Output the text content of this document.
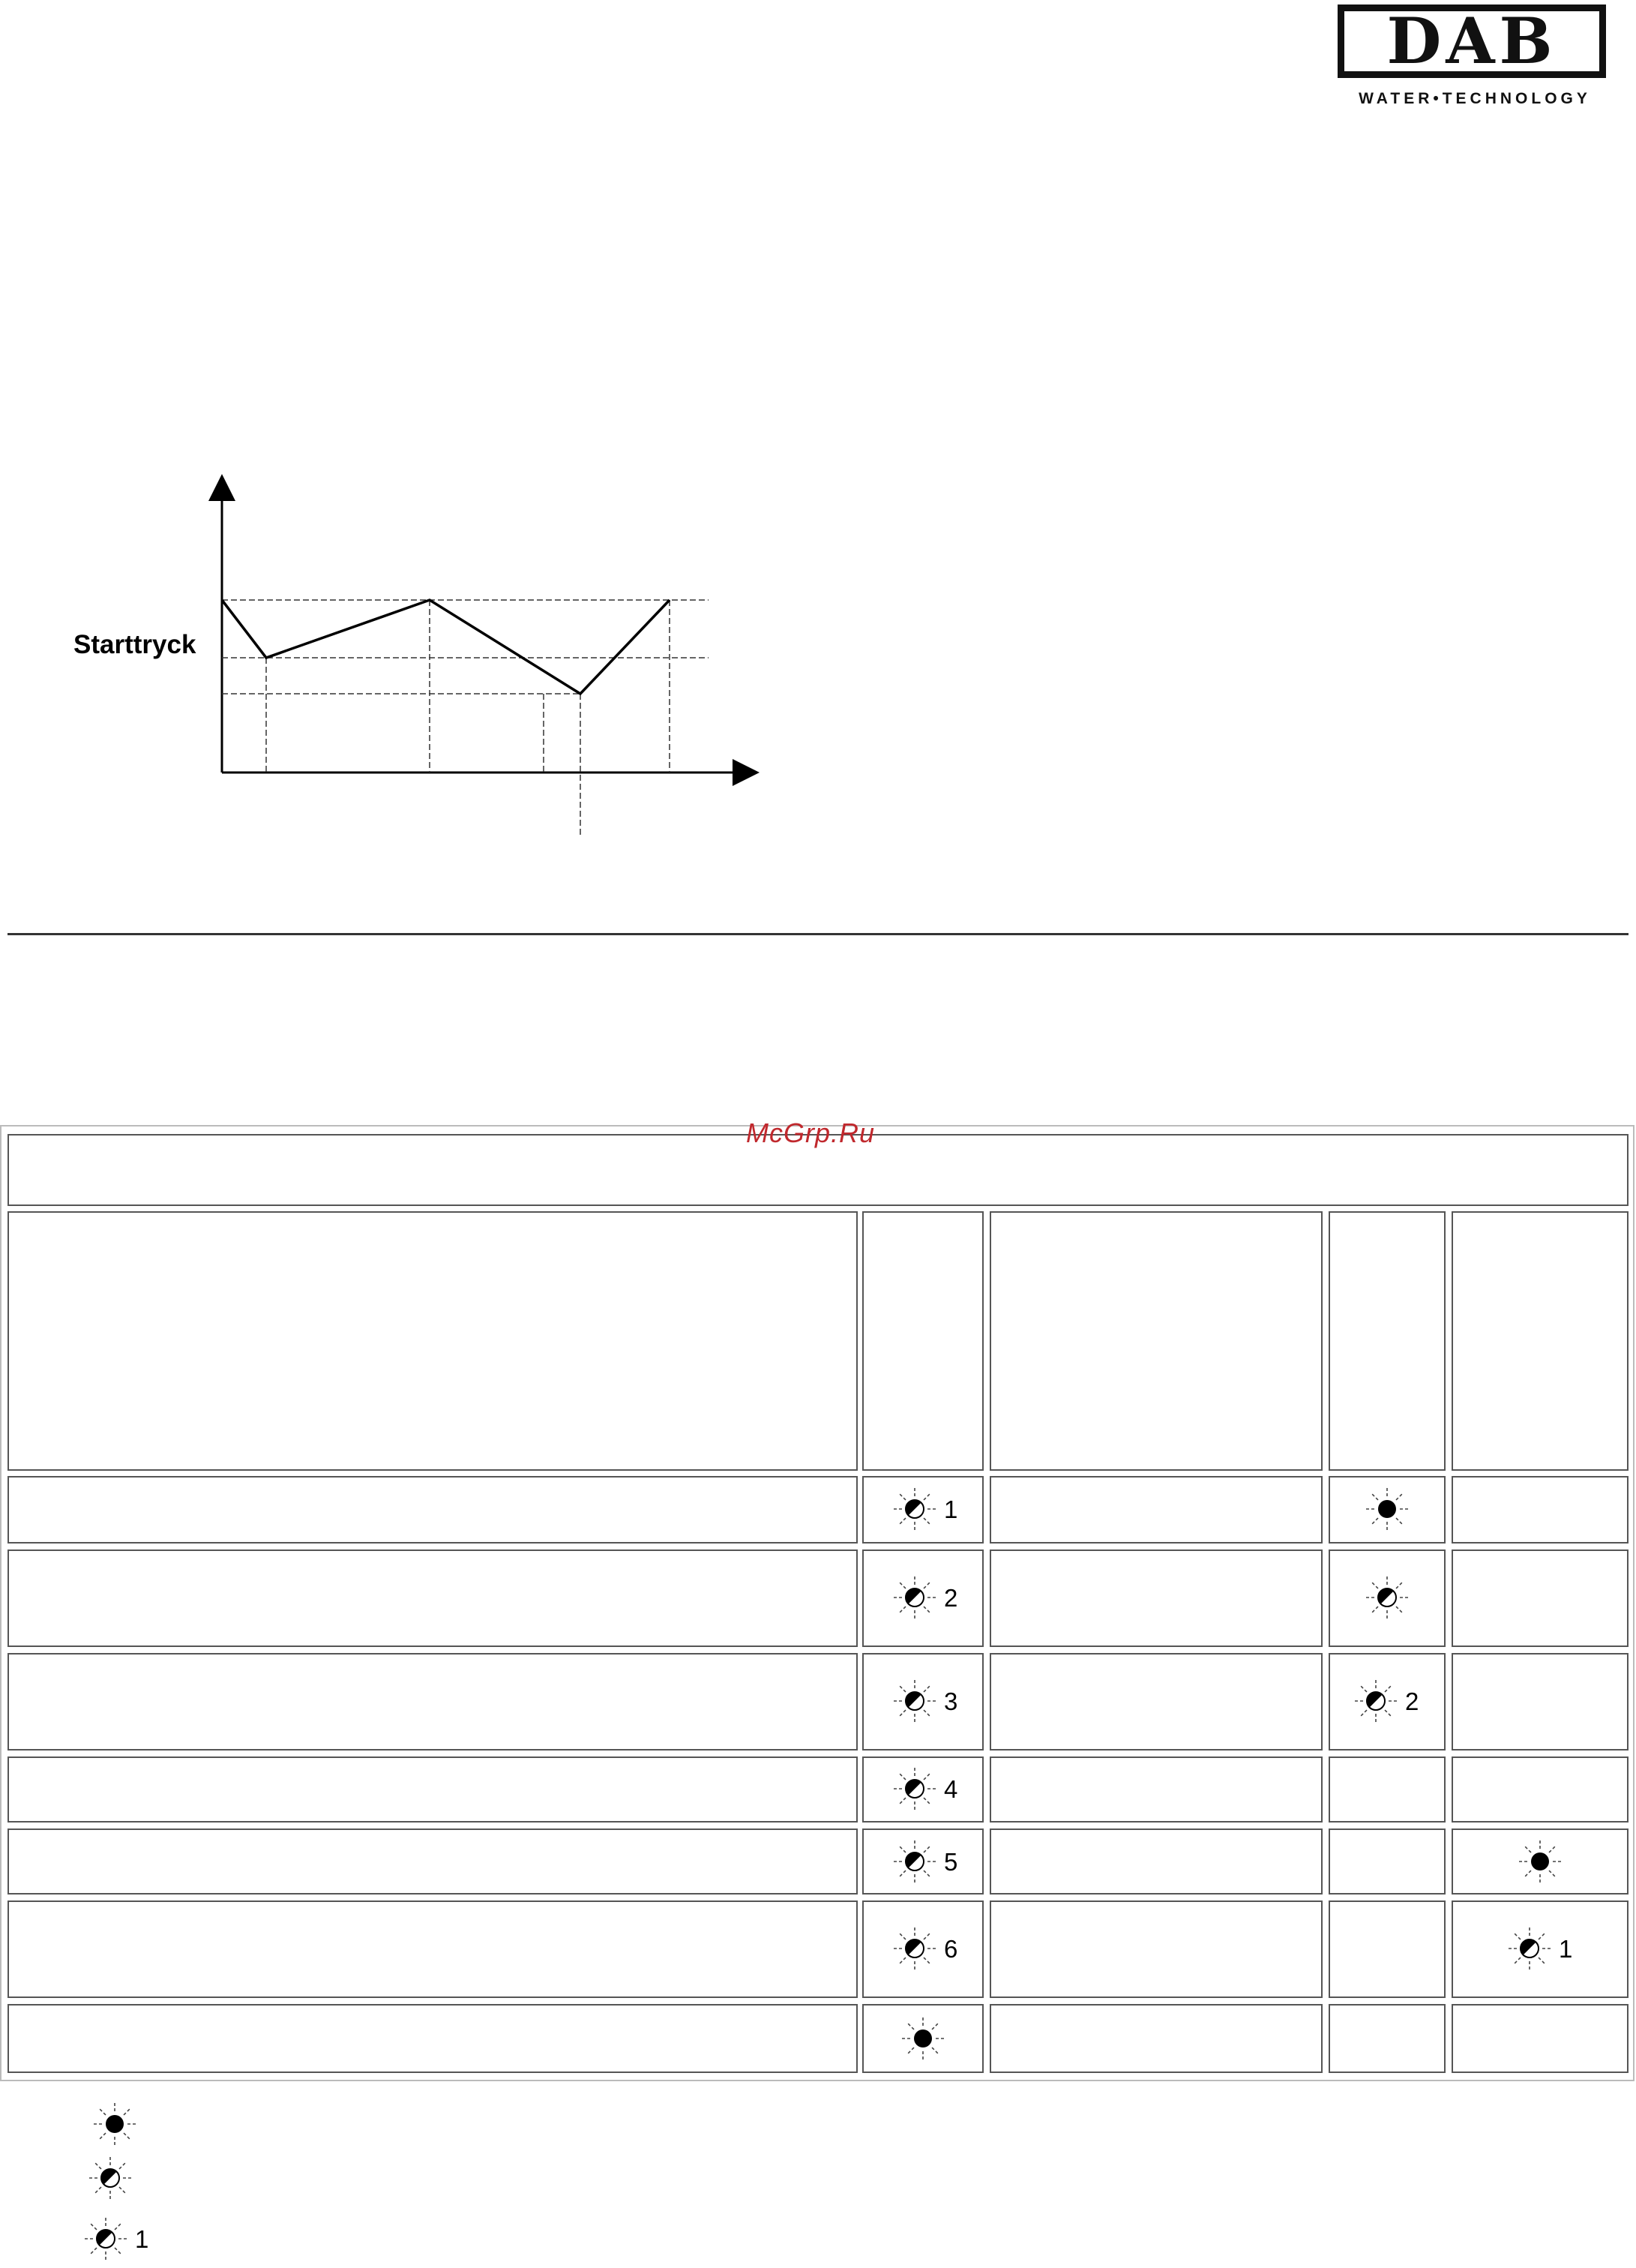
DAB
WATER•TECHNOLOGY
Starttryck
1
2
3	2
4
5
6	1
1
McGrp.Ru
